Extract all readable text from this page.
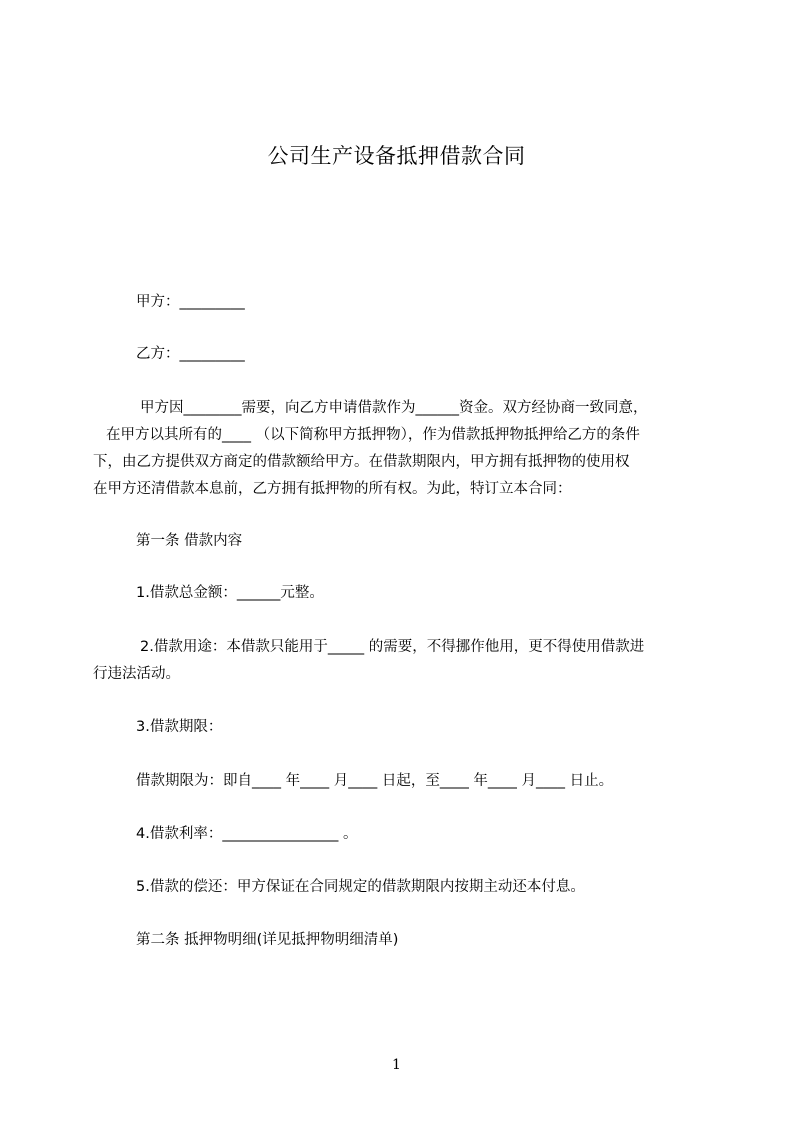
公司生产设备抵押借款合同
甲方：_________
乙方：_________
甲方因________需要，向乙方申请借款作为______资金。双方经协商一致同意，
在甲方以其所有的____ （以下简称甲方抵押物），作为借款抵押物抵押给乙方的条件
下，由乙方提供双方商定的借款额给甲方。在借款期限内，甲方拥有抵押物的使用权
在甲方还清借款本息前，乙方拥有抵押物的所有权。为此，特订立本合同：
第一条 借款内容
1.借款总金额：______元整。
2.借款用途：本借款只能用于_____ 的需要，不得挪作他用，更不得使用借款进
行违法活动。
3.借款期限：
借款期限为：即自____ 年____ 月____ 日起，至____ 年____ 月____ 日止。
4.借款利率：________________ 。
5.借款的偿还：甲方保证在合同规定的借款期限内按期主动还本付息。
第二条 抵押物明细(详见抵押物明细清单)
1
